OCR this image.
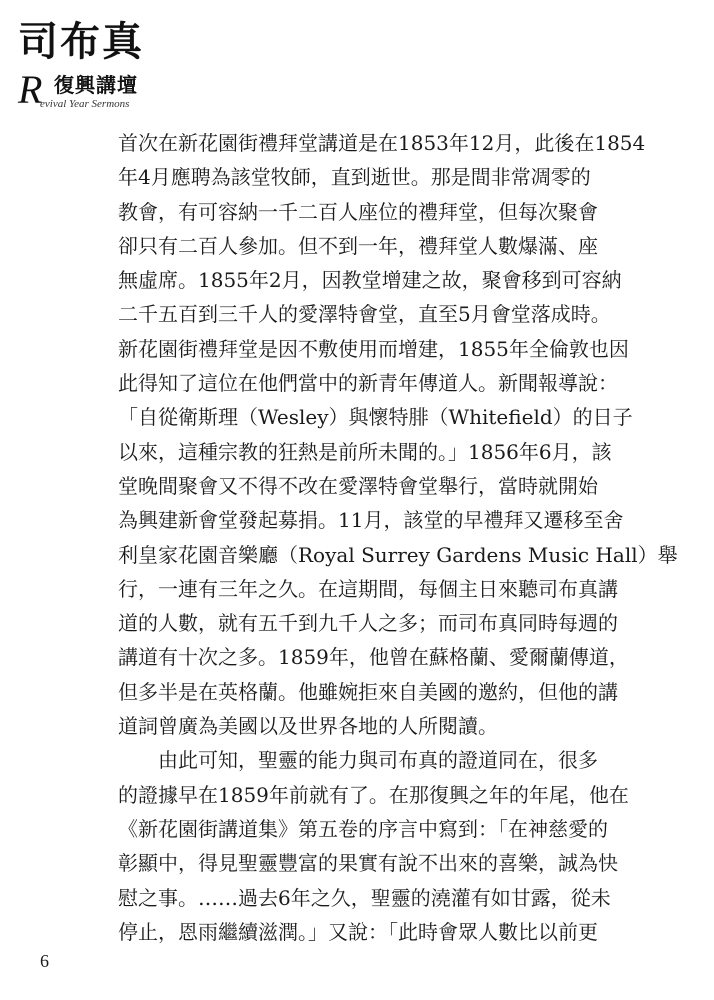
司布真
R 復興講壇
evival Year Sermons
首次在新花園街禮拜堂講道是在1853年12月，此後在1854
年4月應聘為該堂牧師，直到逝世。那是間非常凋零的
教會，有可容納一千二百人座位的禮拜堂，但每次聚會
卻只有二百人參加。但不到一年，禮拜堂人數爆滿、座
無虛席。1855年2月，因教堂增建之故，聚會移到可容納
二千五百到三千人的愛澤特會堂，直至5月會堂落成時。
新花園街禮拜堂是因不敷使用而增建，1855年全倫敦也因
此得知了這位在他們當中的新青年傳道人。新聞報導說：
「自從衛斯理（Wesley）與懷特腓（Whitefield）的日子
以來，這種宗教的狂熱是前所未聞的。」1856年6月，該
堂晚間聚會又不得不改在愛澤特會堂舉行，當時就開始
為興建新會堂發起募捐。11月，該堂的早禮拜又遷移至舍
利皇家花園音樂廳（Royal Surrey Gardens Music Hall）舉
行，一連有三年之久。在這期間，每個主日來聽司布真講
道的人數，就有五千到九千人之多；而司布真同時每週的
講道有十次之多。1859年，他曾在蘇格蘭、愛爾蘭傳道，
但多半是在英格蘭。他雖婉拒來自美國的邀約，但他的講
道詞曾廣為美國以及世界各地的人所閱讀。
　　由此可知，聖靈的能力與司布真的證道同在，很多
的證據早在1859年前就有了。在那復興之年的年尾，他在
《新花園街講道集》第五卷的序言中寫到：「在神慈愛的
彰顯中，得見聖靈豐富的果實有說不出來的喜樂，誠為快
慰之事。……過去6年之久，聖靈的澆灌有如甘露，從未
停止，恩雨繼續滋潤。」又說：「此時會眾人數比以前更
6
